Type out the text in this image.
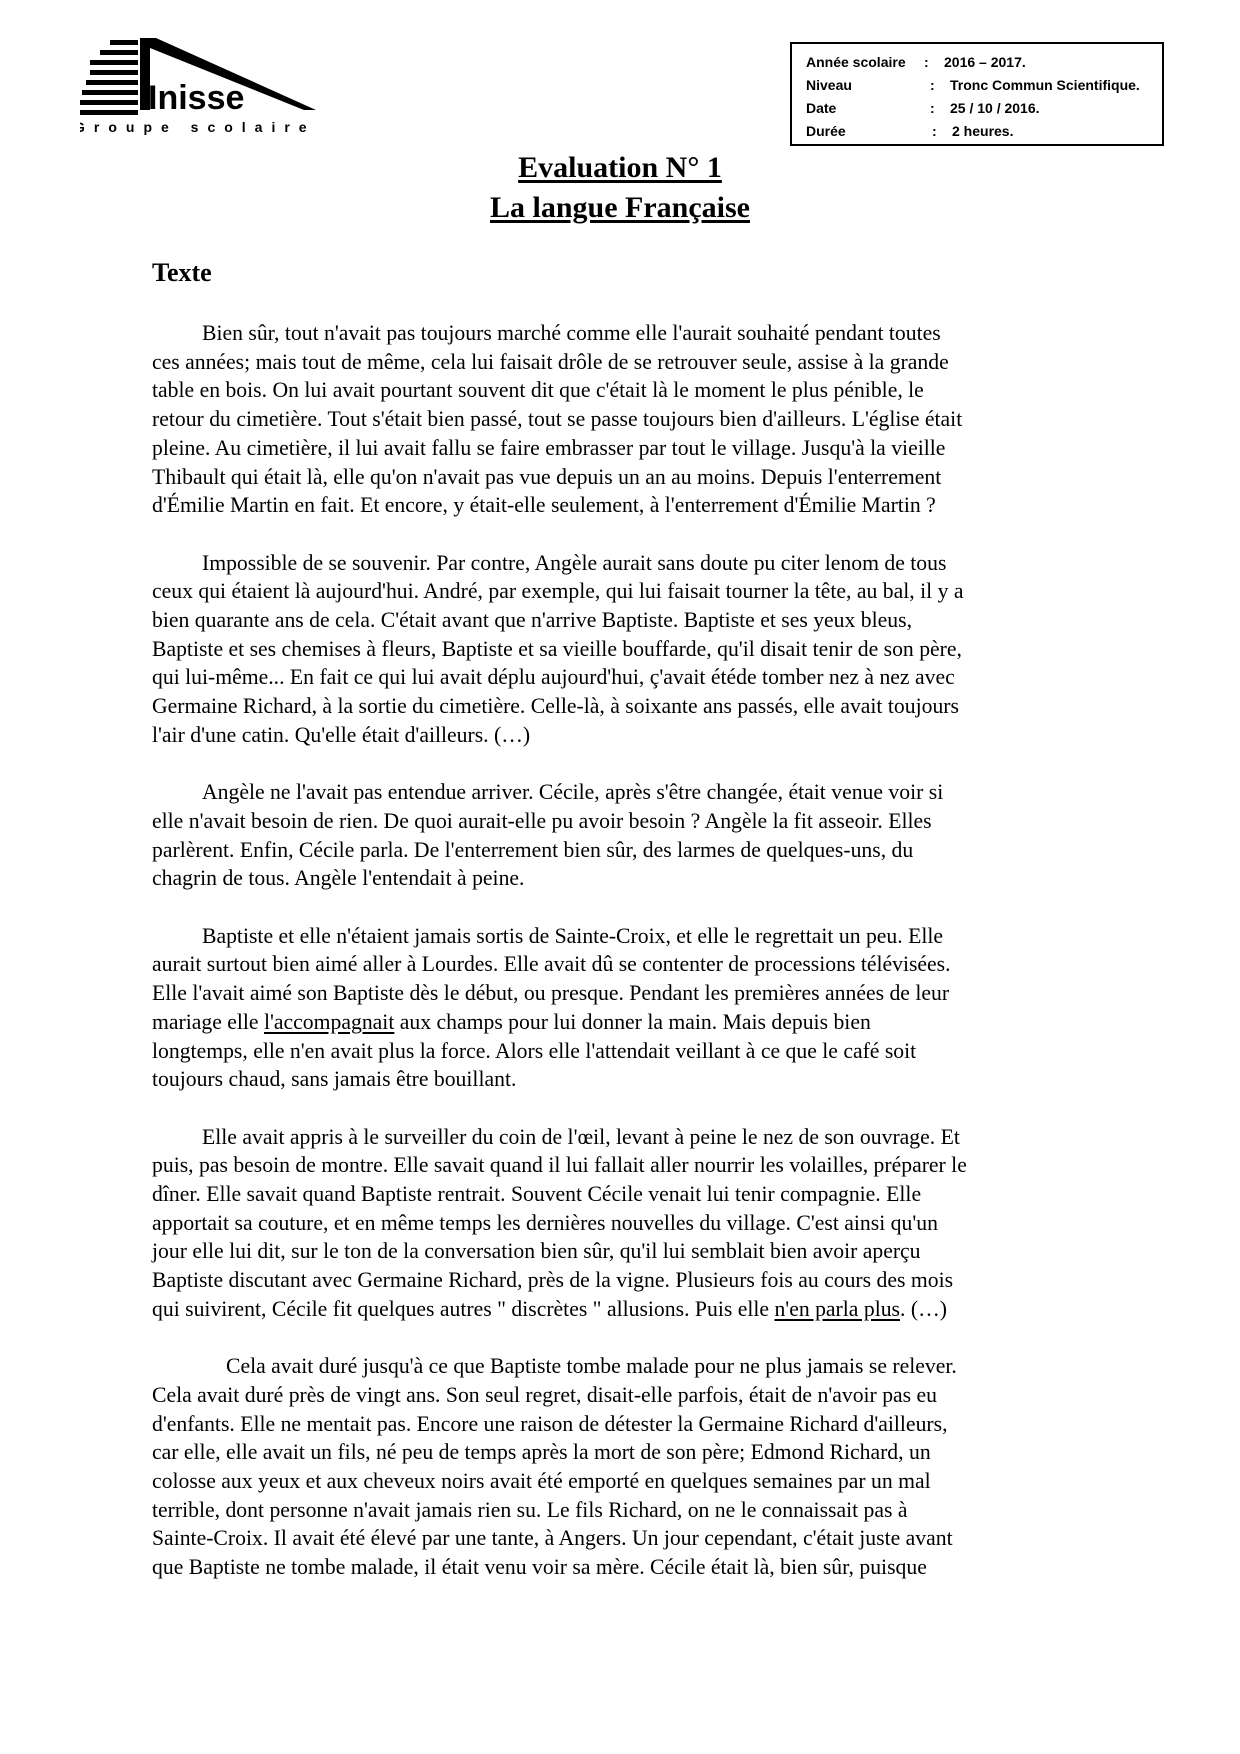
Inisse
Groupe scolaire
Année scolaire	:	2016 – 2017.
Niveau	:	Tronc Commun Scientifique.
Date	:	25 / 10 / 2016.
Durée	:	2 heures.
Evaluation N° 1
La langue Française
Texte

Bien sûr, tout n'avait pas toujours marché comme elle l'aurait souhaité pendant toutes
ces années; mais tout de même, cela lui faisait drôle de se retrouver seule, assise à la grande
table en bois. On lui avait pourtant souvent dit que c'était là le moment le plus pénible, le
retour du cimetière. Tout s'était bien passé, tout se passe toujours bien d'ailleurs. L'église était
pleine. Au cimetière, il lui avait fallu se faire embrasser par tout le village. Jusqu'à la vieille
Thibault qui était là, elle qu'on n'avait pas vue depuis un an au moins. Depuis l'enterrement
d'Émilie Martin en fait. Et encore, y était-elle seulement, à l'enterrement d'Émilie Martin ?

Impossible de se souvenir. Par contre, Angèle aurait sans doute pu citer lenom de tous
ceux qui étaient là aujourd'hui. André, par exemple, qui lui faisait tourner la tête, au bal, il y a
bien quarante ans de cela. C'était avant que n'arrive Baptiste. Baptiste et ses yeux bleus,
Baptiste et ses chemises à fleurs, Baptiste et sa vieille bouffarde, qu'il disait tenir de son père,
qui lui-même... En fait ce qui lui avait déplu aujourd'hui, ç'avait étéde tomber nez à nez avec
Germaine Richard, à la sortie du cimetière. Celle-là, à soixante ans passés, elle avait toujours
l'air d'une catin. Qu'elle était d'ailleurs. (…)

Angèle ne l'avait pas entendue arriver. Cécile, après s'être changée, était venue voir si
elle n'avait besoin de rien. De quoi aurait-elle pu avoir besoin ? Angèle la fit asseoir. Elles
parlèrent. Enfin, Cécile parla. De l'enterrement bien sûr, des larmes de quelques-uns, du
chagrin de tous. Angèle l'entendait à peine.

Baptiste et elle n'étaient jamais sortis de Sainte-Croix, et elle le regrettait un peu. Elle
aurait surtout bien aimé aller à Lourdes. Elle avait dû se contenter de processions télévisées.
Elle l'avait aimé son Baptiste dès le début, ou presque. Pendant les premières années de leur
mariage elle l'accompagnait aux champs pour lui donner la main. Mais depuis bien
longtemps, elle n'en avait plus la force. Alors elle l'attendait veillant à ce que le café soit
toujours chaud, sans jamais être bouillant.

Elle avait appris à le surveiller du coin de l'œil, levant à peine le nez de son ouvrage. Et
puis, pas besoin de montre. Elle savait quand il lui fallait aller nourrir les volailles, préparer le
dîner. Elle savait quand Baptiste rentrait. Souvent Cécile venait lui tenir compagnie. Elle
apportait sa couture, et en même temps les dernières nouvelles du village. C'est ainsi qu'un
jour elle lui dit, sur le ton de la conversation bien sûr, qu'il lui semblait bien avoir aperçu
Baptiste discutant avec Germaine Richard, près de la vigne. Plusieurs fois au cours des mois
qui suivirent, Cécile fit quelques autres " discrètes " allusions. Puis elle n'en parla plus. (…)

Cela avait duré jusqu'à ce que Baptiste tombe malade pour ne plus jamais se relever.
Cela avait duré près de vingt ans. Son seul regret, disait-elle parfois, était de n'avoir pas eu
d'enfants. Elle ne mentait pas. Encore une raison de détester la Germaine Richard d'ailleurs,
car elle, elle avait un fils, né peu de temps après la mort de son père; Edmond Richard, un
colosse aux yeux et aux cheveux noirs avait été emporté en quelques semaines par un mal
terrible, dont personne n'avait jamais rien su. Le fils Richard, on ne le connaissait pas à
Sainte-Croix. Il avait été élevé par une tante, à Angers. Un jour cependant, c'était juste avant
que Baptiste ne tombe malade, il était venu voir sa mère. Cécile était là, bien sûr, puisque
